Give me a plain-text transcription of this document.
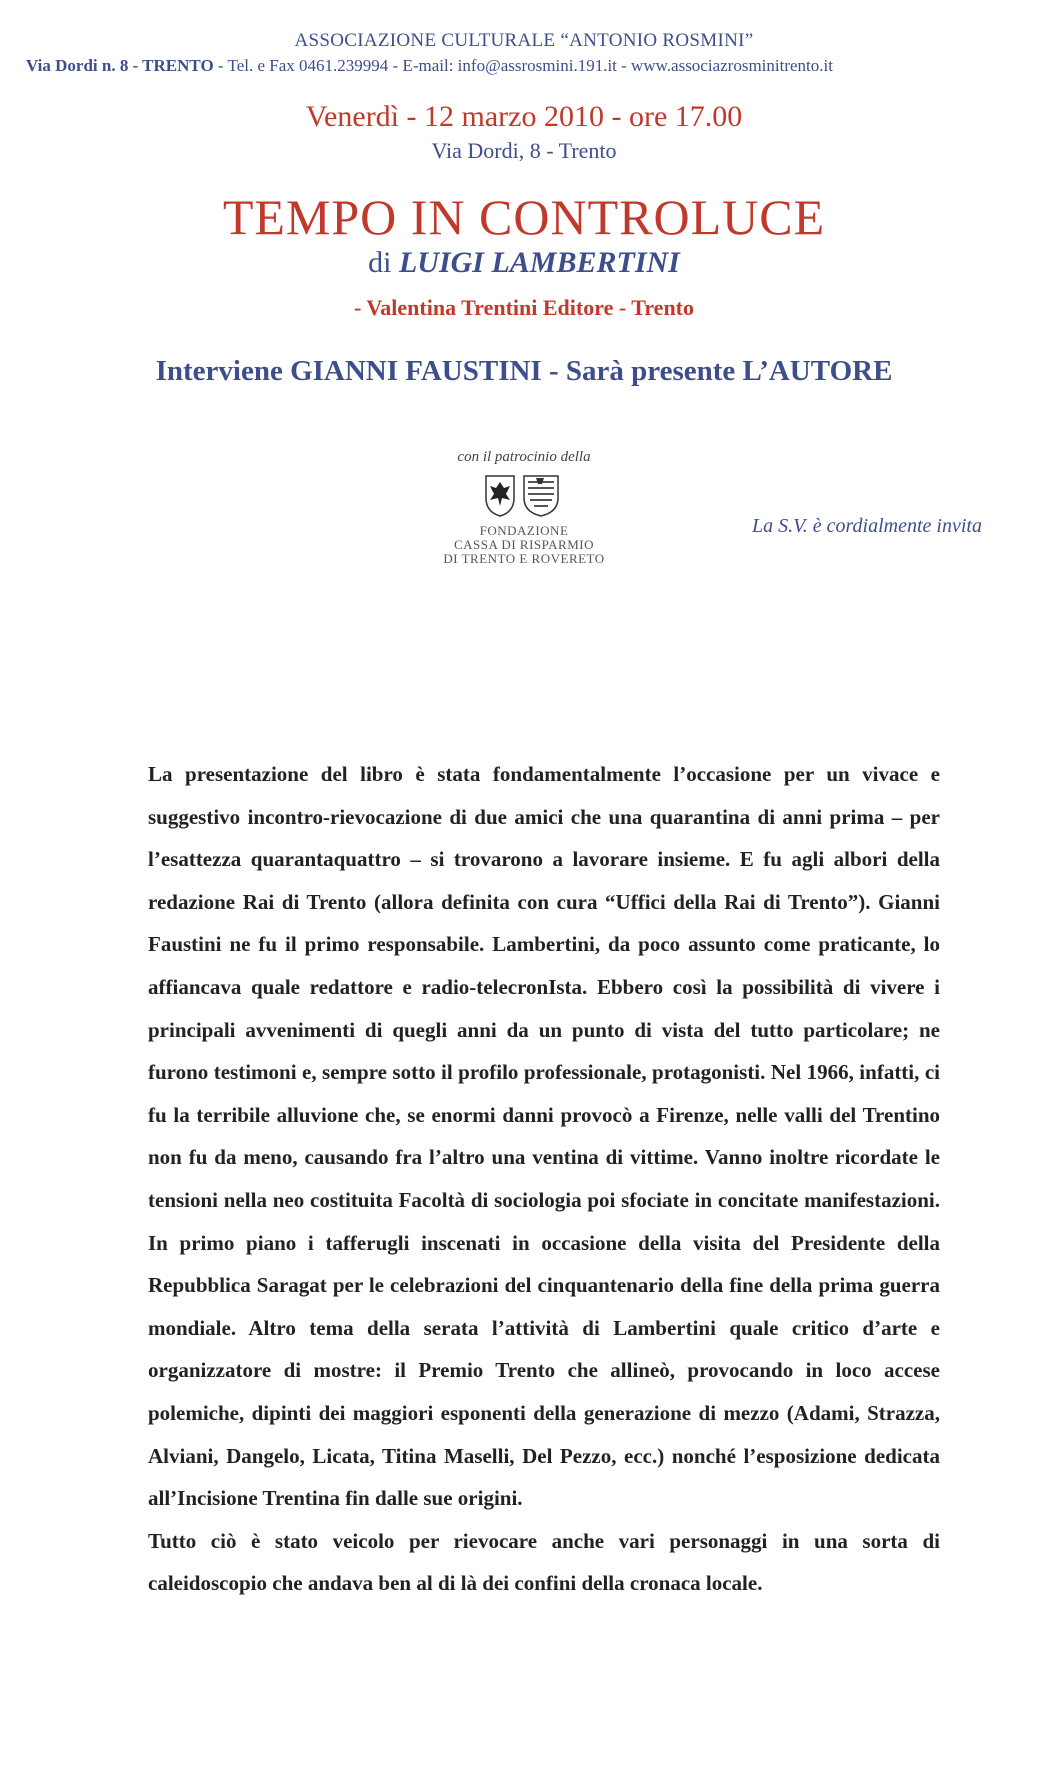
ASSOCIAZIONE CULTURALE “ANTONIO ROSMINI”
Via Dordi n. 8 - TRENTO - Tel. e Fax 0461.239994 - E-mail: info@assrosmini.191.it - www.associazrosminitrento.it
Venerdì - 12 marzo 2010 - ore 17.00
Via Dordi, 8 - Trento
TEMPO IN CONTROLUCE
di LUIGI LAMBERTINI
- Valentina Trentini Editore - Trento
Interviene GIANNI FAUSTINI - Sarà presente L’AUTORE
con il patrocinio della
FONDAZIONE
CASSA DI RISPARMIO
DI TRENTO E ROVERETO
La S.V. è cordialmente invita

La presentazione del libro è stata fondamentalmente l’occasione per un vivace e suggestivo incontro-rievocazione di due amici che una quarantina di anni prima – per l’esattezza quarantaquattro – si trovarono a lavorare insieme. E fu agli albori della redazione Rai di Trento (allora definita con cura “Uffici della Rai di Trento”). Gianni Faustini ne fu il primo responsabile. Lambertini, da poco assunto come praticante, lo affiancava quale redattore e radio-telecronIsta. Ebbero così la possibilità di vivere i principali avvenimenti di quegli anni da un punto di vista del tutto particolare; ne furono testimoni e, sempre sotto il profilo professionale, protagonisti. Nel 1966, infatti, ci fu la terribile alluvione che, se enormi danni provocò a Firenze, nelle valli del Trentino non fu da meno, causando fra l’altro una ventina di vittime. Vanno inoltre ricordate le tensioni nella neo costituita Facoltà di sociologia poi sfociate in concitate manifestazioni. In primo piano i tafferugli inscenati in occasione della visita del Presidente della Repubblica Saragat per le celebrazioni del cinquantenario della fine della prima guerra mondiale. Altro tema della serata l’attività di Lambertini quale critico d’arte e organizzatore di mostre: il Premio Trento che allineò, provocando in loco accese polemiche, dipinti dei maggiori esponenti della generazione di mezzo (Adami, Strazza, Alviani, Dangelo, Licata, Titina Maselli, Del Pezzo, ecc.) nonché l’esposizione dedicata all’Incisione Trentina fin dalle sue origini.

Tutto ciò è stato veicolo per rievocare anche vari personaggi in una sorta di caleidoscopio che andava ben al di là dei confini della cronaca locale.
